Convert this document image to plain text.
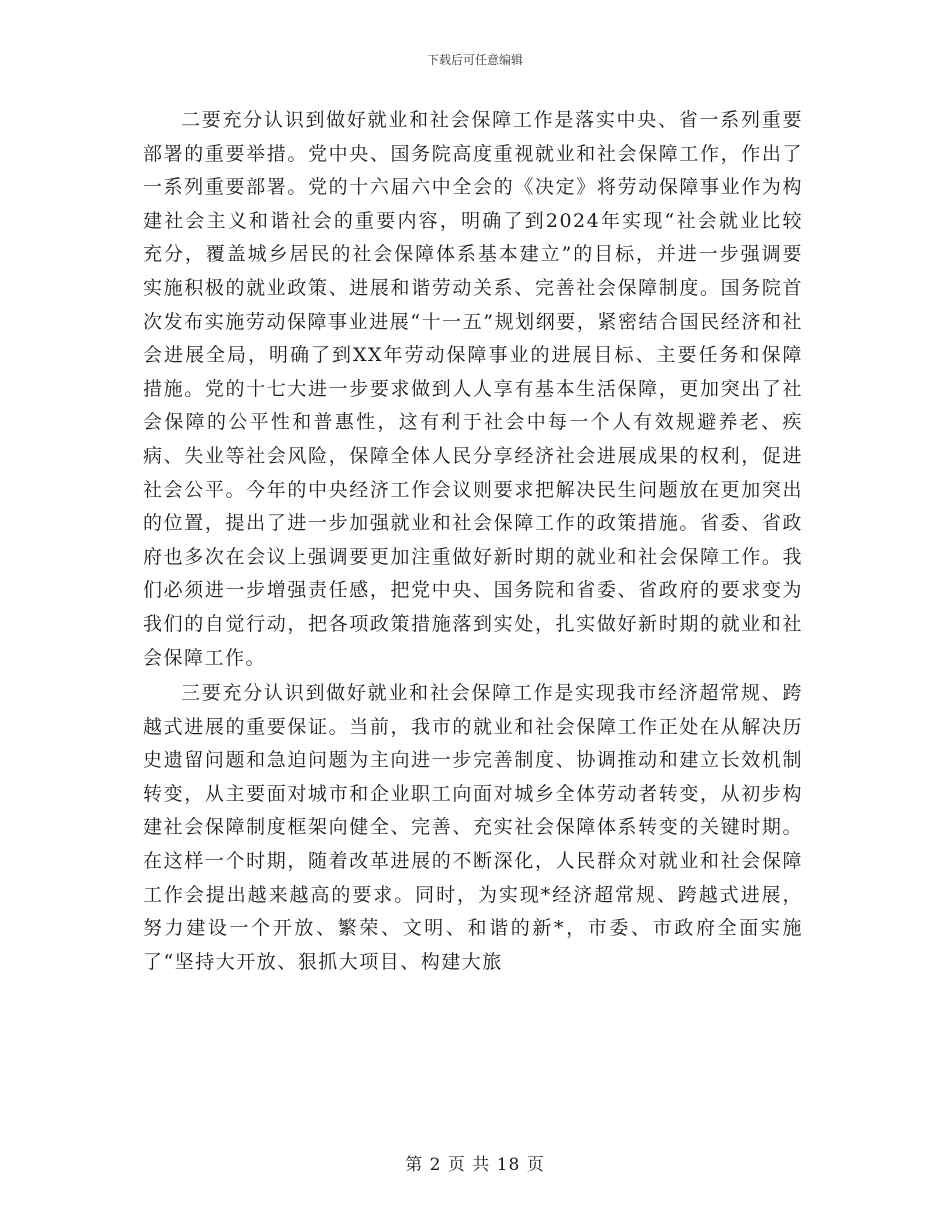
下载后可任意编辑

二要充分认识到做好就业和社会保障工作是落实中央、省一系列重要部署的重要举措。党中央、国务院高度重视就业和社会保障工作，作出了一系列重要部署。党的十六届六中全会的《决定》将劳动保障事业作为构建社会主义和谐社会的重要内容，明确了到2024年实现“社会就业比较充分，覆盖城乡居民的社会保障体系基本建立”的目标，并进一步强调要实施积极的就业政策、进展和谐劳动关系、完善社会保障制度。国务院首次发布实施劳动保障事业进展“十一五”规划纲要，紧密结合国民经济和社会进展全局，明确了到XX年劳动保障事业的进展目标、主要任务和保障措施。党的十七大进一步要求做到人人享有基本生活保障，更加突出了社会保障的公平性和普惠性，这有利于社会中每一个人有效规避养老、疾病、失业等社会风险，保障全体人民分享经济社会进展成果的权利，促进社会公平。今年的中央经济工作会议则要求把解决民生问题放在更加突出的位置，提出了进一步加强就业和社会保障工作的政策措施。省委、省政府也多次在会议上强调要更加注重做好新时期的就业和社会保障工作。我们必须进一步增强责任感，把党中央、国务院和省委、省政府的要求变为我们的自觉行动，把各项政策措施落到实处，扎实做好新时期的就业和社会保障工作。

三要充分认识到做好就业和社会保障工作是实现我市经济超常规、跨越式进展的重要保证。当前，我市的就业和社会保障工作正处在从解决历史遗留问题和急迫问题为主向进一步完善制度、协调推动和建立长效机制转变，从主要面对城市和企业职工向面对城乡全体劳动者转变，从初步构建社会保障制度框架向健全、完善、充实社会保障体系转变的关键时期。在这样一个时期，随着改革进展的不断深化，人民群众对就业和社会保障工作会提出越来越高的要求。同时，为实现*经济超常规、跨越式进展，努力建设一个开放、繁荣、文明、和谐的新*，市委、市政府全面实施了“坚持大开放、狠抓大项目、构建大旅

第 2 页 共 18 页
